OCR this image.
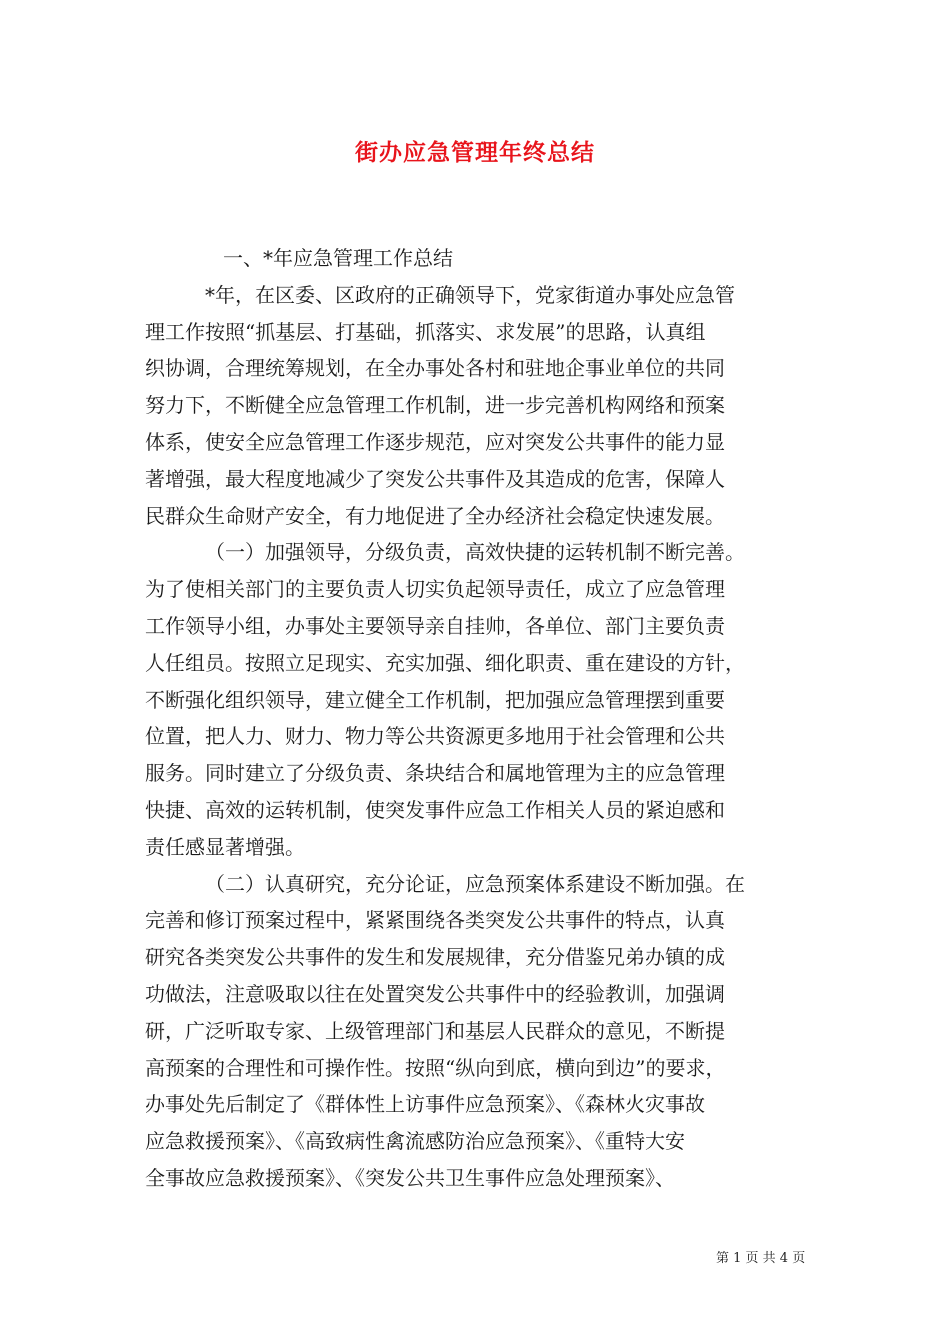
街办应急管理年终总结
一、*年应急管理工作总结
*年，在区委、区政府的正确领导下，党家街道办事处应急管
理工作按照“抓基层、打基础，抓落实、求发展”的思路，认真组
织协调，合理统筹规划，在全办事处各村和驻地企事业单位的共同
努力下，不断健全应急管理工作机制，进一步完善机构网络和预案
体系，使安全应急管理工作逐步规范，应对突发公共事件的能力显
著增强，最大程度地减少了突发公共事件及其造成的危害，保障人
民群众生命财产安全，有力地促进了全办经济社会稳定快速发展。
（一）加强领导，分级负责，高效快捷的运转机制不断完善。
为了使相关部门的主要负责人切实负起领导责任，成立了应急管理
工作领导小组，办事处主要领导亲自挂帅，各单位、部门主要负责
人任组员。按照立足现实、充实加强、细化职责、重在建设的方针，
不断强化组织领导，建立健全工作机制，把加强应急管理摆到重要
位置，把人力、财力、物力等公共资源更多地用于社会管理和公共
服务。同时建立了分级负责、条块结合和属地管理为主的应急管理
快捷、高效的运转机制，使突发事件应急工作相关人员的紧迫感和
责任感显著增强。
（二）认真研究，充分论证，应急预案体系建设不断加强。在
完善和修订预案过程中，紧紧围绕各类突发公共事件的特点，认真
研究各类突发公共事件的发生和发展规律，充分借鉴兄弟办镇的成
功做法，注意吸取以往在处置突发公共事件中的经验教训，加强调
研，广泛听取专家、上级管理部门和基层人民群众的意见，不断提
高预案的合理性和可操作性。按照“纵向到底，横向到边”的要求，
办事处先后制定了《群体性上访事件应急预案》、《森林火灾事故
应急救援预案》、《高致病性禽流感防治应急预案》、《重特大安
全事故应急救援预案》、《突发公共卫生事件应急处理预案》、
第 1 页 共 4 页
